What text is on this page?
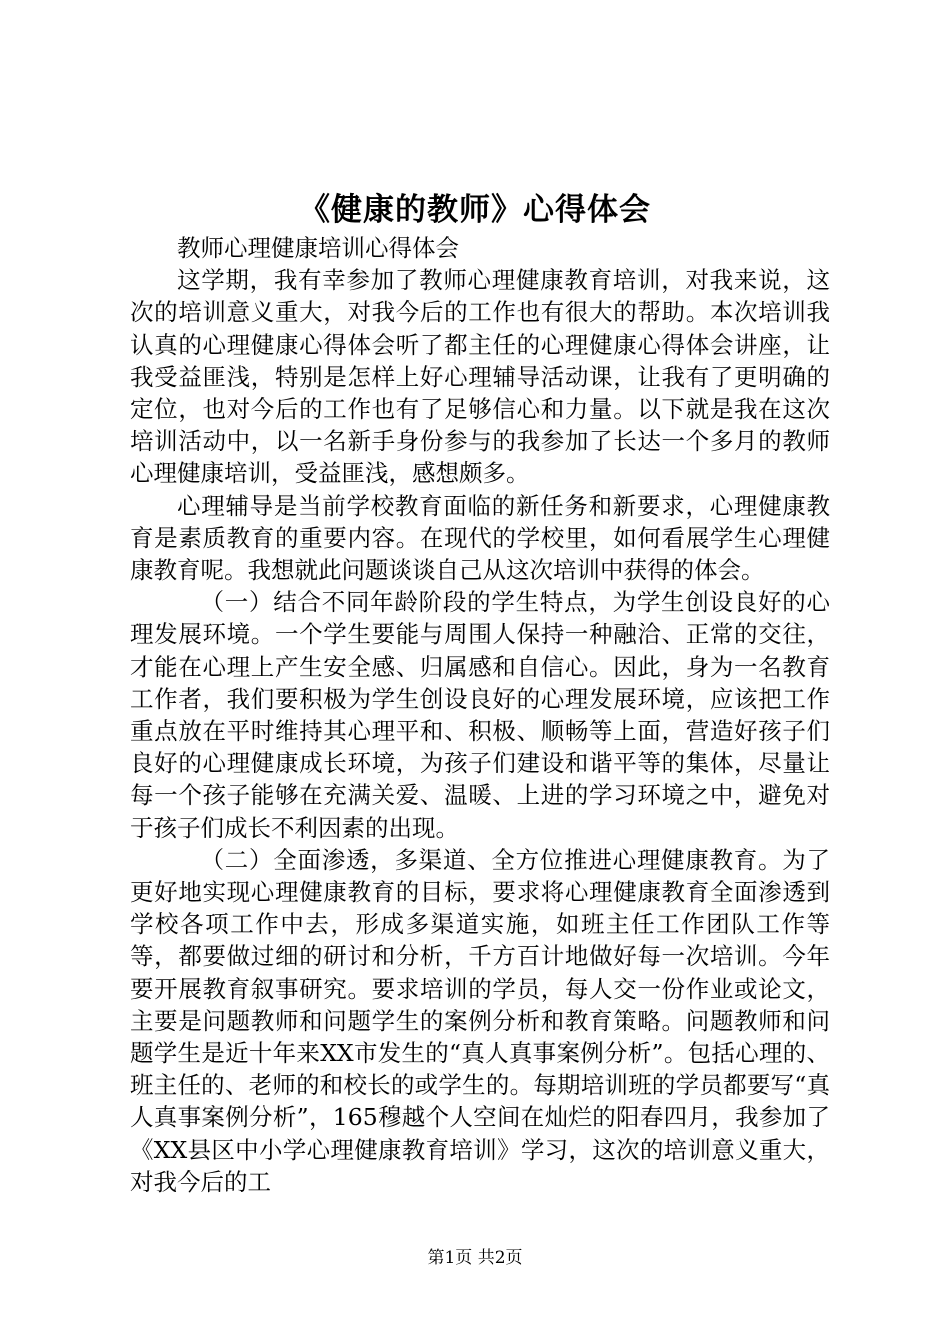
《健康的教师》心得体会

教师心理健康培训心得体会

这学期，我有幸参加了教师心理健康教育培训，对我来说，这次的培训意义重大，对我今后的工作也有很大的帮助。本次培训我认真的心理健康心得体会听了都主任的心理健康心得体会讲座，让我受益匪浅，特别是怎样上好心理辅导活动课，让我有了更明确的定位，也对今后的工作也有了足够信心和力量。以下就是我在这次培训活动中，以一名新手身份参与的我参加了长达一个多月的教师心理健康培训，受益匪浅，感想颇多。

心理辅导是当前学校教育面临的新任务和新要求，心理健康教育是素质教育的重要内容。在现代的学校里，如何看展学生心理健康教育呢。我想就此问题谈谈自己从这次培训中获得的体会。

（一）结合不同年龄阶段的学生特点，为学生创设良好的心理发展环境。一个学生要能与周围人保持一种融洽、正常的交往，才能在心理上产生安全感、归属感和自信心。因此，身为一名教育工作者，我们要积极为学生创设良好的心理发展环境，应该把工作重点放在平时维持其心理平和、积极、顺畅等上面，营造好孩子们良好的心理健康成长环境，为孩子们建设和谐平等的集体，尽量让每一个孩子能够在充满关爱、温暖、上进的学习环境之中，避免对于孩子们成长不利因素的出现。

（二）全面渗透，多渠道、全方位推进心理健康教育。为了更好地实现心理健康教育的目标，要求将心理健康教育全面渗透到学校各项工作中去，形成多渠道实施，如班主任工作团队工作等等，都要做过细的研讨和分析，千方百计地做好每一次培训。今年要开展教育叙事研究。要求培训的学员，每人交一份作业或论文，主要是问题教师和问题学生的案例分析和教育策略。问题教师和问题学生是近十年来XX市发生的“真人真事案例分析”。包括心理的、班主任的、老师的和校长的或学生的。每期培训班的学员都要写“真人真事案例分析”，165穆越个人空间在灿烂的阳春四月，我参加了《XX县区中小学心理健康教育培训》学习，这次的培训意义重大，对我今后的工

第1页 共2页
